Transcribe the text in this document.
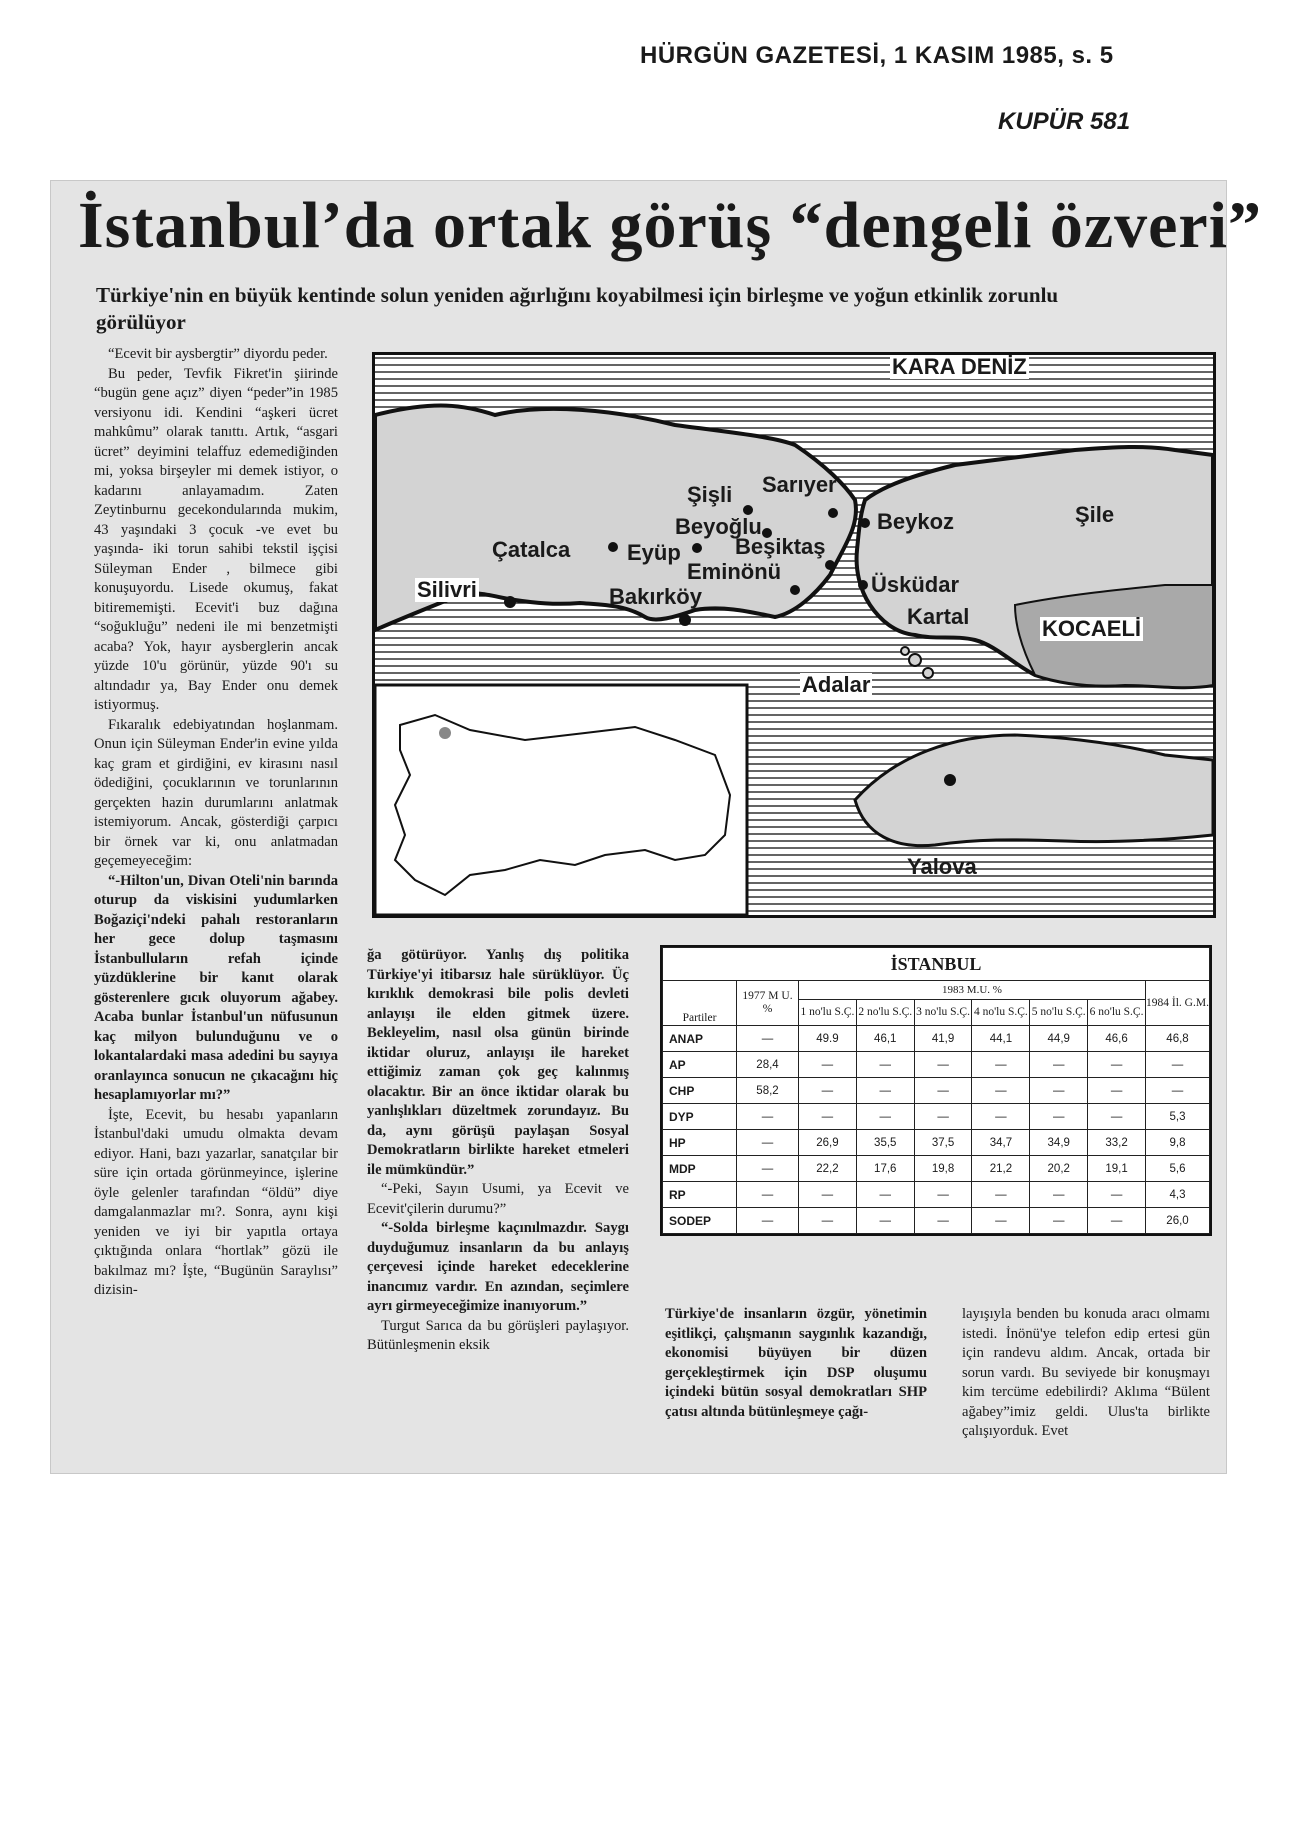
HÜRGÜN GAZETESİ, 1 KASIM 1985, s. 5
KUPÜR 581
İstanbul’da ortak görüş “dengeli özveri”
Türkiye'nin en büyük kentinde solun yeniden ağırlığını koyabilmesi için birleşme ve yoğun etkinlik zorunlu görülüyor

“Ecevit bir aysbergtir” diyordu peder.

Bu peder, Tevfik Fikret'in şiirinde “bugün gene açız” diyen “peder”in 1985 versiyonu idi. Kendini “aşkeri ücret mahkûmu” olarak tanıttı. Artık, “asgari ücret” deyimini telaffuz edemediğinden mi, yoksa birşeyler mi demek istiyor, o kadarını anlayamadım. Zaten Zeytinburnu gecekondularında mukim, 43 yaşındaki 3 çocuk -ve evet bu yaşında- iki torun sahibi tekstil işçisi Süleyman Ender , bilmece gibi konuşuyordu. Lisede okumuş, fakat bitirememişti. Ecevit'i buz dağına “soğukluğu” nedeni ile mi benzetmişti acaba? Yok, hayır aysberglerin ancak yüzde 10'u görünür, yüzde 90'ı su altındadır ya, Bay Ender onu demek istiyormuş.

Fıkaralık edebiyatından hoşlanmam. Onun için Süleyman Ender'in evine yılda kaç gram et girdiğini, ev kirasını nasıl ödediğini, çocuklarının ve torunlarının gerçekten hazin durumlarını anlatmak istemiyorum. Ancak, gösterdiği çarpıcı bir örnek var ki, onu anlatmadan geçemeyeceğim:

“-Hilton'un, Divan Oteli'nin barında oturup da viskisini yudumlarken Boğaziçi'ndeki pahalı restoranların her gece dolup taşmasını İstanbulluların refah içinde yüzdüklerine bir kanıt olarak gösterenlere gıcık oluyorum ağabey. Acaba bunlar İstanbul'un nüfusunun kaç milyon bulunduğunu ve o lokantalardaki masa adedini bu sayıya oranlayınca sonucun ne çıkacağını hiç hesaplamıyorlar mı?”

İşte, Ecevit, bu hesabı yapanların İstanbul'daki umudu olmakta devam ediyor. Hani, bazı yazarlar, sanatçılar bir süre için ortada görünmeyince, işlerine öyle gelenler tarafından “öldü” diye damgalanmazlar mı?. Sonra, aynı kişi yeniden ve iyi bir yapıtla ortaya çıktığında onlara “hortlak” gözü ile bakılmaz mı? İşte, “Bugünün Saraylısı” dizisin-

KARA DENİZ
Şişli Sarıyer
Beykoz	Şile
Beyoğlu
Çatalca	Eyüp Beşiktaş
Silivri
Eminönü
Bakırköy	Üsküdar
Kartal	KOCAELİ
Adalar
Yalova

ğa götürüyor. Yanlış dış politika Türkiye'yi itibarsız hale sürüklüyor. Üç kırıklık demokrasi bile polis devleti anlayışı ile elden gitmek üzere. Bekleyelim, nasıl olsa günün birinde iktidar oluruz, anlayışı ile hareket ettiğimiz zaman çok geç kalınmış olacaktır. Bir an önce iktidar olarak bu yanlışlıkları düzeltmek zorundayız. Bu da, aynı görüşü paylaşan Sosyal Demokratların birlikte hareket etmeleri ile mümkündür.”

“-Peki, Sayın Usumi, ya Ecevit ve Ecevit'çilerin durumu?”

“-Solda birleşme kaçınılmazdır. Saygı duyduğumuz insanların da bu anlayış çerçevesi içinde hareket edeceklerine inancımız vardır. En azından, seçimlere ayrı girmeyeceğimize inanıyorum.”

Turgut Sarıca da bu görüşleri paylaşıyor. Bütünleşmenin eksik

İSTANBUL								
Partiler	1977 M U. %	1983 M.U. %						1984 İl. G.M.
		1 no'lu S.Ç.	2 no'lu S.Ç.	3 no'lu S.Ç.	4 no'lu S.Ç.	5 no'lu S.Ç.	6 no'lu S.Ç.	
ANAP	—	49.9	46,1	41,9	44,1	44,9	46,6	46,8
AP	28,4	—	—	—	—	—	—	—
CHP	58,2	—	—	—	—	—	—	—
DYP	—	—	—	—	—	—	—	5,3
HP	—	26,9	35,5	37,5	34,7	34,9	33,2	9,8
MDP	—	22,2	17,6	19,8	21,2	20,2	19,1	5,6
RP	—	—	—	—	—	—	—	4,3
SODEP	—	—	—	—	—	—	—	26,0

Türkiye'de insanların özgür, yönetimin eşitlikçi, çalışmanın saygınlık kazandığı, ekonomisi büyüyen bir düzen gerçekleştirmek için DSP oluşumu içindeki bütün sosyal demokratları SHP çatısı altında bütünleşmeye çağı-

layışıyla benden bu konuda aracı olmamı istedi. İnönü'ye telefon edip ertesi gün için randevu aldım. Ancak, ortada bir sorun vardı. Bu seviyede bir konuşmayı kim tercüme edebilirdi? Aklıma “Bülent ağabey”imiz geldi. Ulus'ta birlikte çalışıyorduk. Evet
